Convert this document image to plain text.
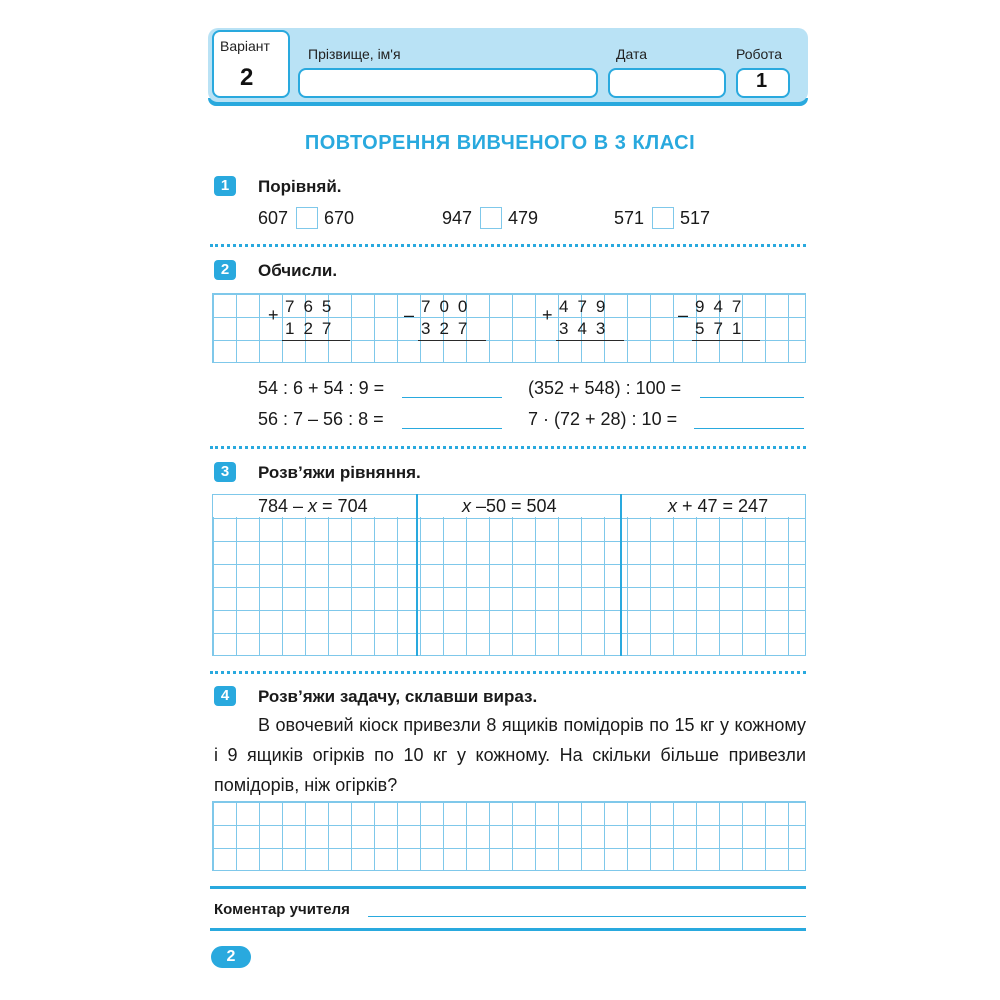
Варіант
2
Прізвище, ім'я	Дата	Робота
1
ПОВТОРЕННЯ ВИВЧЕНОГО В 3 КЛАСІ
1	Порівняй.
607 670	947 479	571 517
2	Обчисли.
+ 765
127
– 700
327
+ 479
343
– 947
571
54 : 6 + 54 : 9 =	(352 + 548) : 100 =
56 : 7 – 56 : 8 =	7 · (72 + 28) : 10 =
3	Розв’яжи рівняння.
784 – x = 704	x –50 = 504	x + 47 = 247
4	Розв’яжи задачу, склавши вираз.
В овочевий кіоск привезли 8 ящиків помідорів по 15 кг у кожному і 9 ящиків огірків по 10 кг у кожному. На скільки більше привезли помідорів, ніж огірків?
Коментар учителя
2
